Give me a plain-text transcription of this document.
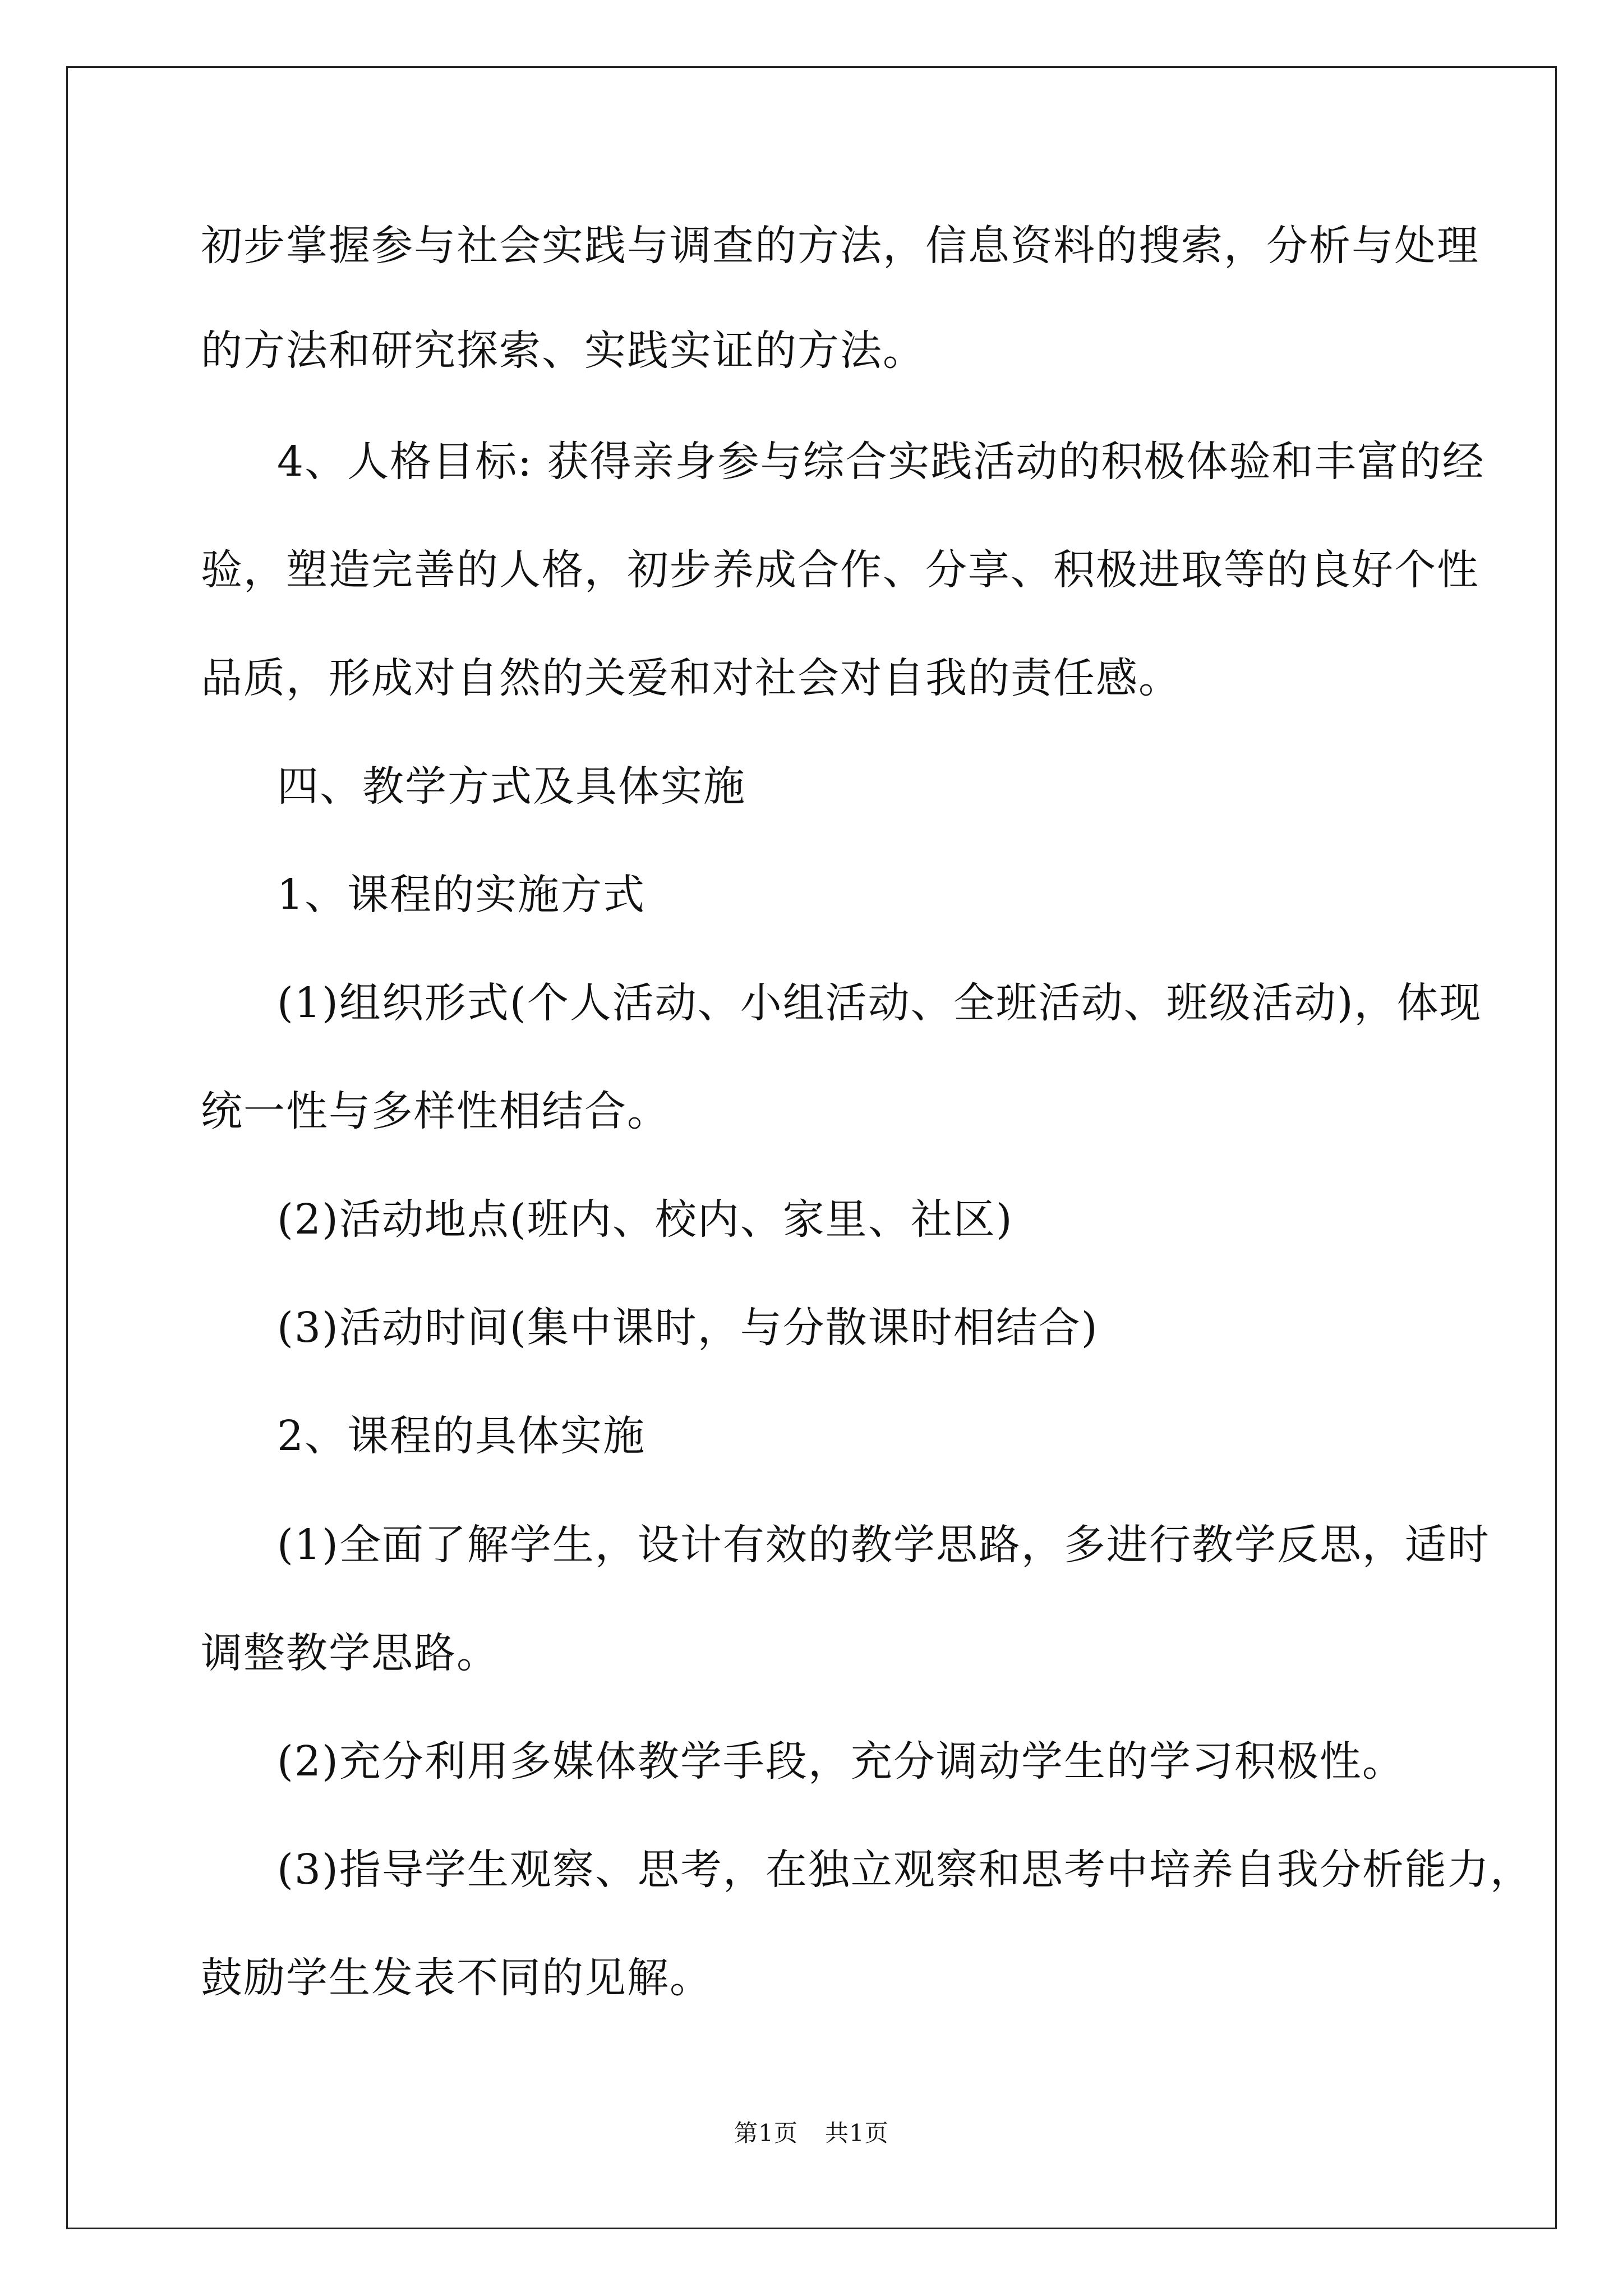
初步掌握参与社会实践与调查的方法，信息资料的搜索，分析与处理
的方法和研究探索、实践实证的方法。
4、人格目标: 获得亲身参与综合实践活动的积极体验和丰富的经
验，塑造完善的人格，初步养成合作、分享、积极进取等的良好个性
品质，形成对自然的关爱和对社会对自我的责任感。
四、教学方式及具体实施
1、课程的实施方式
(1)组织形式(个人活动、小组活动、全班活动、班级活动)，体现
统一性与多样性相结合。
(2)活动地点(班内、校内、家里、社区)
(3)活动时间(集中课时，与分散课时相结合)
2、课程的具体实施
(1)全面了解学生，设计有效的教学思路，多进行教学反思，适时
调整教学思路。
(2)充分利用多媒体教学手段，充分调动学生的学习积极性。
(3)指导学生观察、思考，在独立观察和思考中培养自我分析能力，
鼓励学生发表不同的见解。
第1页 共1页
